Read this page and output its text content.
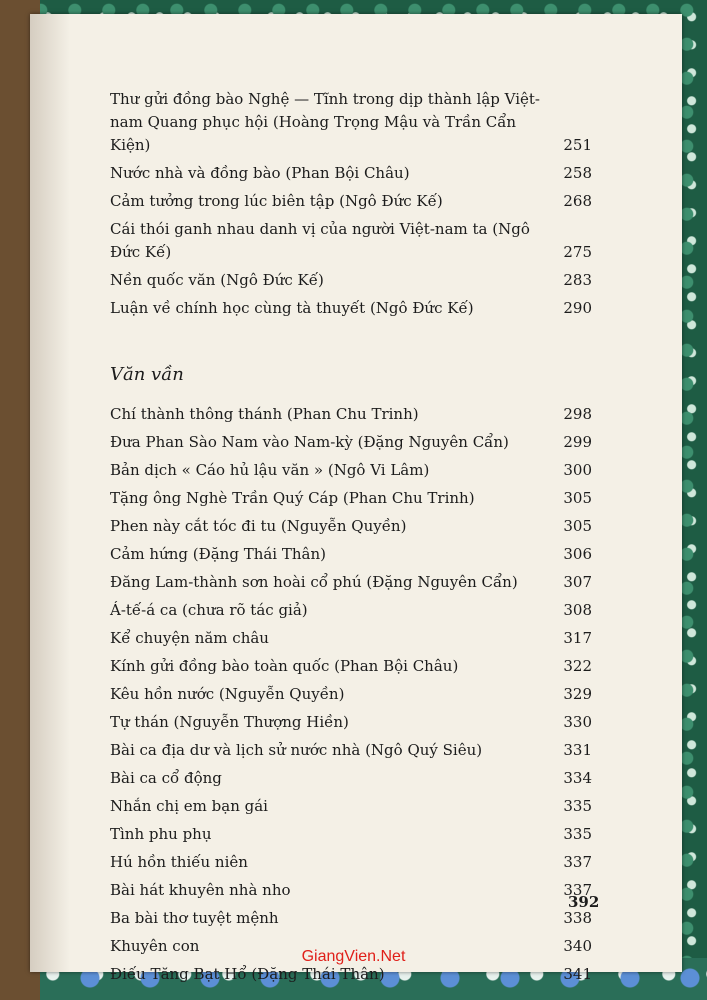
Thư gửi đồng bào Nghệ — Tĩnh trong dịp thành lập Việt-nam Quang phục hội (Hoàng Trọng Mậu và Trần Cẩn Kiện)	251
Nước nhà và đồng bào (Phan Bội Châu)	258
Cảm tưởng trong lúc biên tập (Ngô Đức Kế)	268
Cái thói ganh nhau danh vị của người Việt-nam ta (Ngô Đức Kế)	275
Nền quốc văn (Ngô Đức Kế)	283
Luận về chính học cùng tà thuyết (Ngô Đức Kế)	290
Văn vần
Chí thành thông thánh (Phan Chu Trinh)	298
Đưa Phan Sào Nam vào Nam-kỳ (Đặng Nguyên Cẩn)	299
Bản dịch « Cáo hủ lậu văn » (Ngô Vi Lâm)	300
Tặng ông Nghè Trần Quý Cáp (Phan Chu Trinh)	305
Phen này cắt tóc đi tu (Nguyễn Quyền)	305
Cảm hứng (Đặng Thái Thân)	306
Đăng Lam-thành sơn hoài cổ phú (Đặng Nguyên Cẩn)	307
Á-tế-á ca (chưa rõ tác giả)	308
Kể chuyện năm châu	317
Kính gửi đồng bào toàn quốc (Phan Bội Châu)	322
Kêu hồn nước (Nguyễn Quyền)	329
Tự thán (Nguyễn Thượng Hiền)	330
Bài ca địa dư và lịch sử nước nhà (Ngô Quý Siêu)	331
Bài ca cổ động	334
Nhắn chị em bạn gái	335
Tình phu phụ	335
Hú hồn thiếu niên	337
Bài hát khuyên nhà nho	337
Ba bài thơ tuyệt mệnh	338
Khuyên con	340
Điếu Tăng Bạt Hổ (Đặng Thái Thân)	341
392
GiangVien.Net
